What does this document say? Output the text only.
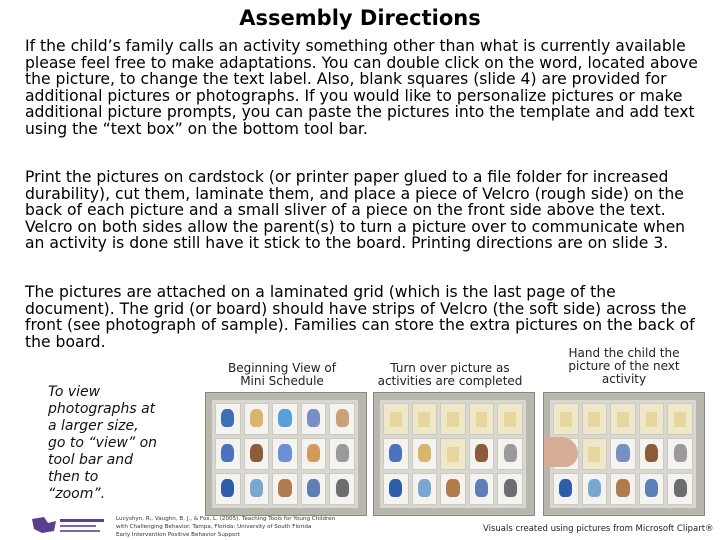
Assembly Directions

If the child’s family calls an activity something other than what is currently available please feel free to make adaptations. You can double click on the word, located above the picture, to change the text label. Also, blank squares (slide 4) are provided for additional pictures or photographs. If you would like to personalize pictures or make additional picture prompts, you can paste the pictures into the template and add text using the “text box” on the bottom tool bar.

Print the pictures on cardstock (or printer paper glued to a file folder for increased durability), cut them, laminate them, and place a piece of Velcro (rough side) on the back of each picture and a small sliver of a piece on the front side above the text. Velcro on both sides allow the parent(s) to turn a picture over to communicate when an activity is done still have it stick to the board. Printing directions are on slide 3.

The pictures are attached on a laminated grid (which is the last page of the document). The grid (or board) should have strips of Velcro (the soft side) across the front (see photograph of sample). Families can store the extra pictures on the back of the board.

To view photographs at a larger size, go to “view” on tool bar and then to “zoom”.
Beginning View of Mini Schedule
Turn over picture as activities are completed
Hand the child the picture of the next activity
Lucyshyn, R., Vaughn, B. J., & Fox, L. (2005). Teaching Tools for Young Children
with Challenging Behavior. Tampa, Florida: University of South Florida
Early Intervention Positive Behavior Support
Visuals created using pictures from Microsoft Clipart®
